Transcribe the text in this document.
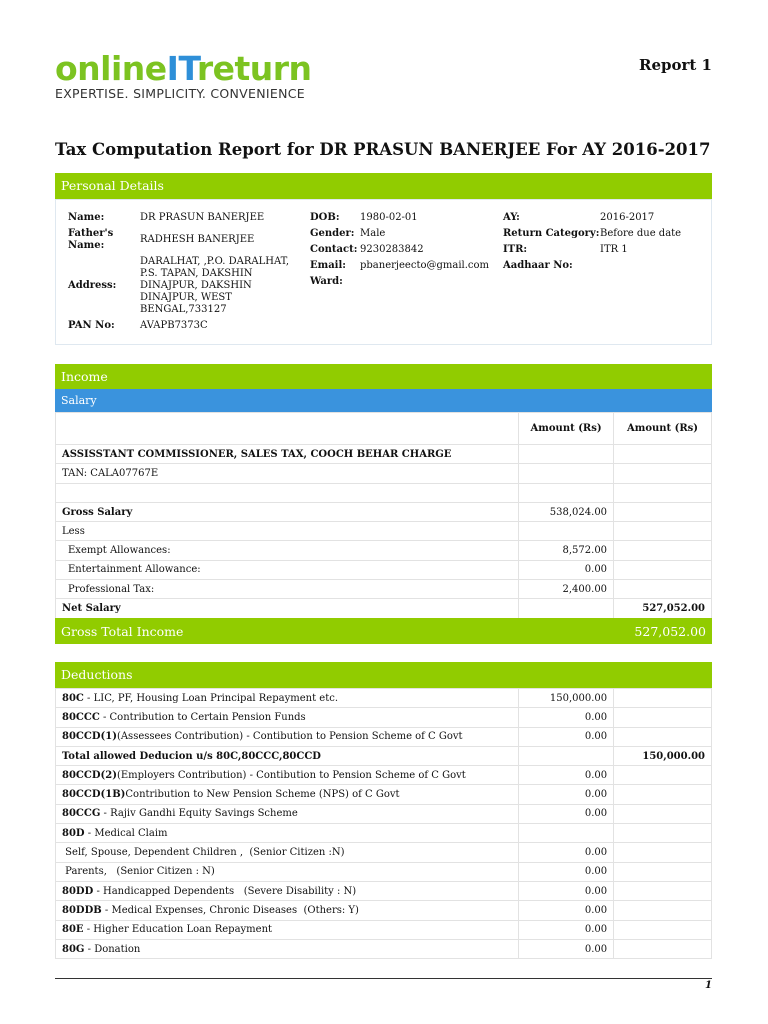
onlineITreturn
EXPERTISE. SIMPLICITY. CONVENIENCE
Report 1
Tax Computation Report for DR PRASUN BANERJEE For AY 2016-2017
Personal Details
Name:	DR PRASUN BANERJEE
Father's Name:
RADHESH BANERJEE
Address:
DARALHAT, ,P.O. DARALHAT, P.S. TAPAN, DAKSHIN DINAJPUR, DAKSHIN DINAJPUR, WEST BENGAL,733127
PAN No:	AVAPB7373C
DOB:	1980-02-01
Gender: Male
Contact: 9230283842
Email:	pbanerjeecto@gmail.com
Ward:
AY:	2016-2017
Return Category: Before due date
ITR:	ITR 1
Aadhaar No:
Income
Salary
	Amount (Rs)	Amount (Rs)
ASSISSTANT COMMISSIONER, SALES TAX, COOCH BEHAR CHARGE		
TAN: CALA07767E		

Gross Salary	538,024.00	
Less		
Exempt Allowances:	8,572.00	
Entertainment Allowance:	0.00	
Professional Tax:	2,400.00	
Net Salary		527,052.00
Gross Total Income	527,052.00
Deductions
80C - LIC, PF, Housing Loan Principal Repayment etc.	150,000.00	
80CCC - Contribution to Certain Pension Funds	0.00	
80CCD(1)(Assessees Contribution) - Contibution to Pension Scheme of C Govt	0.00	
Total allowed Deducion u/s 80C,80CCC,80CCD		150,000.00
80CCD(2)(Employers Contribution) - Contibution to Pension Scheme of C Govt	0.00	
80CCD(1B)Contribution to New Pension Scheme (NPS) of C Govt	0.00	
80CCG - Rajiv Gandhi Equity Savings Scheme	0.00	
80D - Medical Claim		
Self, Spouse, Dependent Children ,  (Senior Citizen :N)	0.00	
Parents,   (Senior Citizen : N)	0.00	
80DD - Handicapped Dependents   (Severe Disability : N)	0.00	
80DDB - Medical Expenses, Chronic Diseases  (Others: Y)	0.00	
80E - Higher Education Loan Repayment	0.00	
80G - Donation	0.00	
1
